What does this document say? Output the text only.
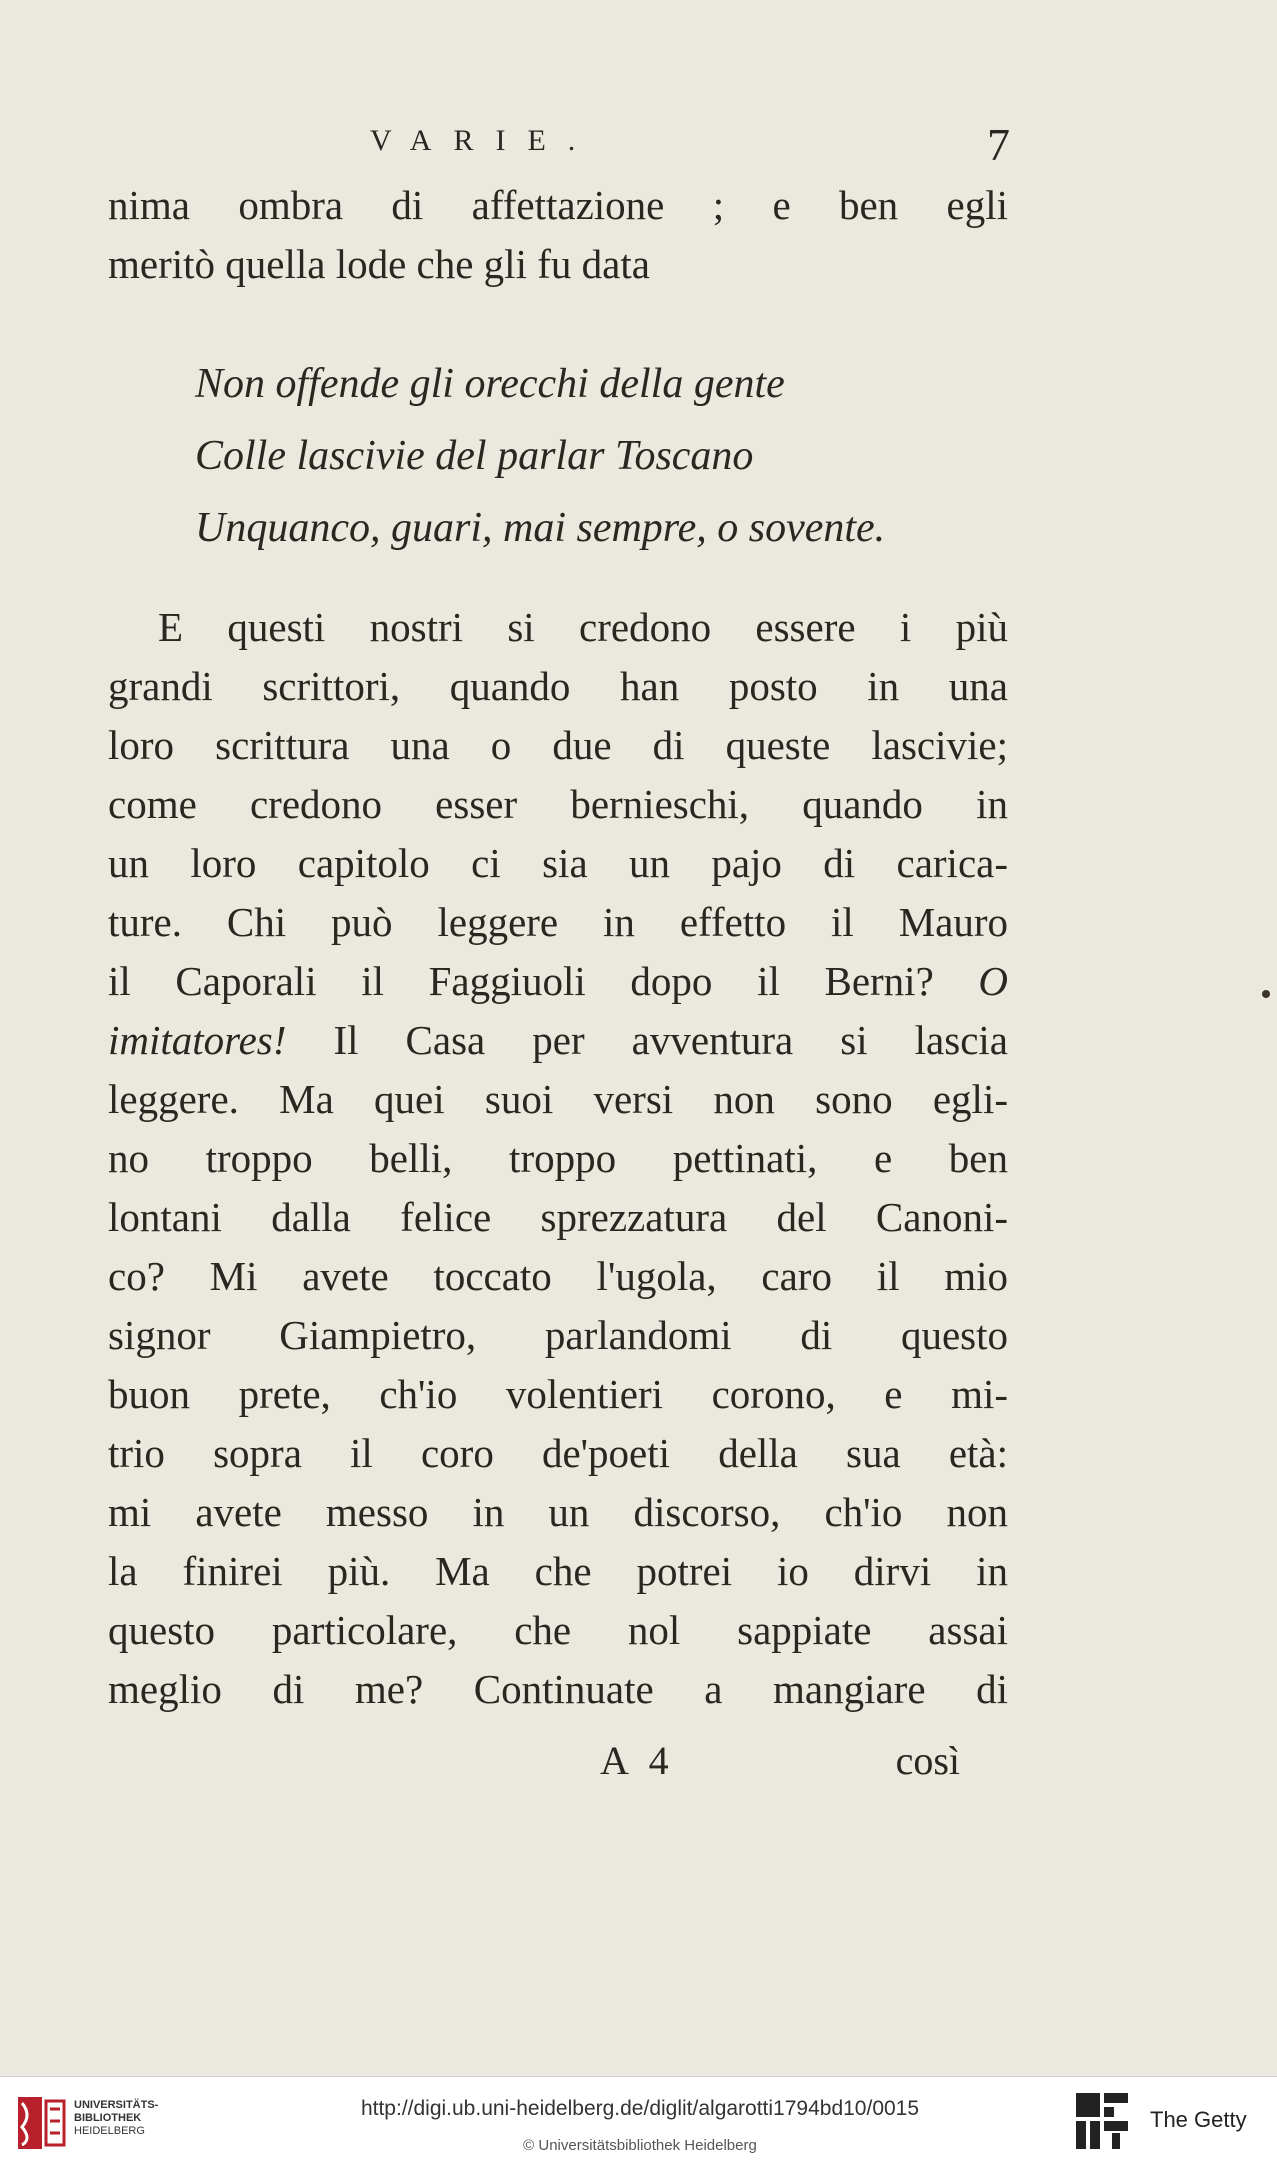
VARIE.	7
nima ombra di affettazione ; e ben egli
meritò quella lode che gli fu data
Non offende gli orecchi della gente
Colle lascivie del parlar Toscano
Unquanco, guari, mai sempre, o sovente.
E questi nostri si credono essere i più
grandi scrittori, quando han posto in una
loro scrittura una o due di queste lascivie;
come credono esser bernieschi, quando in
un loro capitolo ci sia un pajo di carica-
ture. Chi può leggere in effetto il Mauro
il Caporali il Faggiuoli dopo il Berni? O
imitatores! Il Casa per avventura si lascia
leggere. Ma quei suoi versi non sono egli-
no troppo belli, troppo pettinati, e ben
lontani dalla felice sprezzatura del Canoni-
co? Mi avete toccato l'ugola, caro il mio
signor Giampietro, parlandomi di questo
buon prete, ch'io volentieri corono, e mi-
trio sopra il coro de'poeti della sua età:
mi avete messo in un discorso, ch'io non
la finirei più. Ma che potrei io dirvi in
questo particolare, che nol sappiate assai
meglio di me? Continuate a mangiare di
A 4	così
UNIVERSITÄTS-
BIBLIOTHEK
HEIDELBERG
http://digi.ub.uni-heidelberg.de/diglit/algarotti1794bd10/0015
© Universitätsbibliothek Heidelberg
The Getty
